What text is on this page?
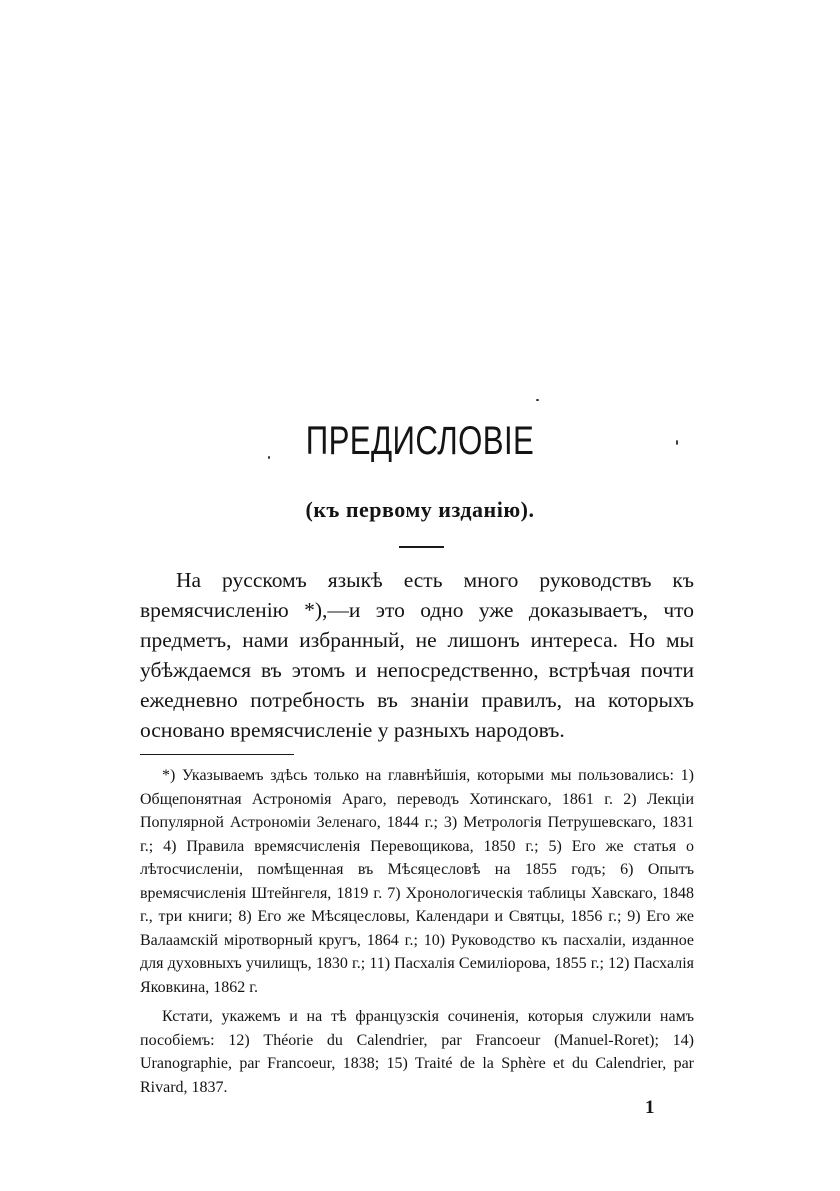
ПРЕДИСЛОВІЕ
(къ первому изданію).

На русскомъ языкѣ есть много руководствъ къ времясчисленію *),—и это одно уже доказываетъ, что предметъ, нами избранный, не лишонъ интереса. Но мы убѣждаемся въ этомъ и непосредственно, встрѣчая почти ежедневно потребность въ знаніи правилъ, на которыхъ основано времясчисленіе у разныхъ народовъ.

*) Указываемъ здѣсь только на главнѣйшія, которыми мы пользовались: 1) Общепонятная Астрономія Араго, переводъ Хотинскаго, 1861 г. 2) Лекціи Популярной Астрономіи Зеленаго, 1844 г.; 3) Метрологія Петрушевскаго, 1831 г.; 4) Правила времясчисленія Перевощикова, 1850 г.; 5) Его же статья о лѣтосчисленіи, помѣщенная въ Мѣсяцесловѣ на 1855 годъ; 6) Опытъ времясчисленія Штейнгеля, 1819 г. 7) Хронологическія таблицы Хавскаго, 1848 г., три книги; 8) Его же Мѣсяцесловы, Календари и Святцы, 1856 г.; 9) Его же Валаамскій міротворный кругъ, 1864 г.; 10) Руководство къ пасхаліи, изданное для духовныхъ училищъ, 1830 г.; 11) Пасхалія Семиліорова, 1855 г.; 12) Пасхалія Яковкина, 1862 г.

Кстати, укажемъ и на тѣ французскія сочиненія, которыя служили намъ пособіемъ: 12) Théorie du Calendrier, par Francoeur (Manuel-Roret); 14) Uranographie, par Francoeur, 1838; 15) Traité de la Sphère et du Calendrier, par Rivard, 1837.

1
